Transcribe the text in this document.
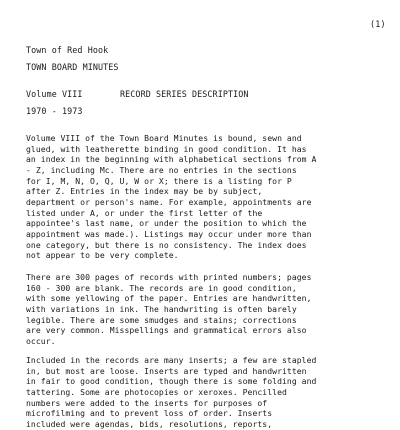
(1)
Town of Red Hook
TOWN BOARD MINUTES
Volume VIII	RECORD SERIES DESCRIPTION
1970 - 1973
Volume VIII of the Town Board Minutes is bound, sewn and
glued, with leatherette binding in good condition. It has
an index in the beginning with alphabetical sections from A
- Z, including Mc. There are no entries in the sections
for I, M, N, O, Q, U, W or X; there is a listing for P
after Z. Entries in the index may be by subject,
department or person's name. For example, appointments are
listed under A, or under the first letter of the
appointee's last name, or under the position to which the
appointment was made.). Listings may occur under more than
one category, but there is no consistency. The index does
not appear to be very complete.
There are 300 pages of records with printed numbers; pages
160 - 300 are blank. The records are in good condition,
with some yellowing of the paper. Entries are handwritten,
with variations in ink. The handwriting is often barely
legible. There are some smudges and stains; corrections
are very common. Misspellings and grammatical errors also
occur.
Included in the records are many inserts; a few are stapled
in, but most are loose. Inserts are typed and handwritten
in fair to good condition, though there is some folding and
tattering. Some are photocopies or xeroxes. Pencilled
numbers were added to the inserts for purposes of
microfilming and to prevent loss of order. Inserts
included were agendas, bids, resolutions, reports,
